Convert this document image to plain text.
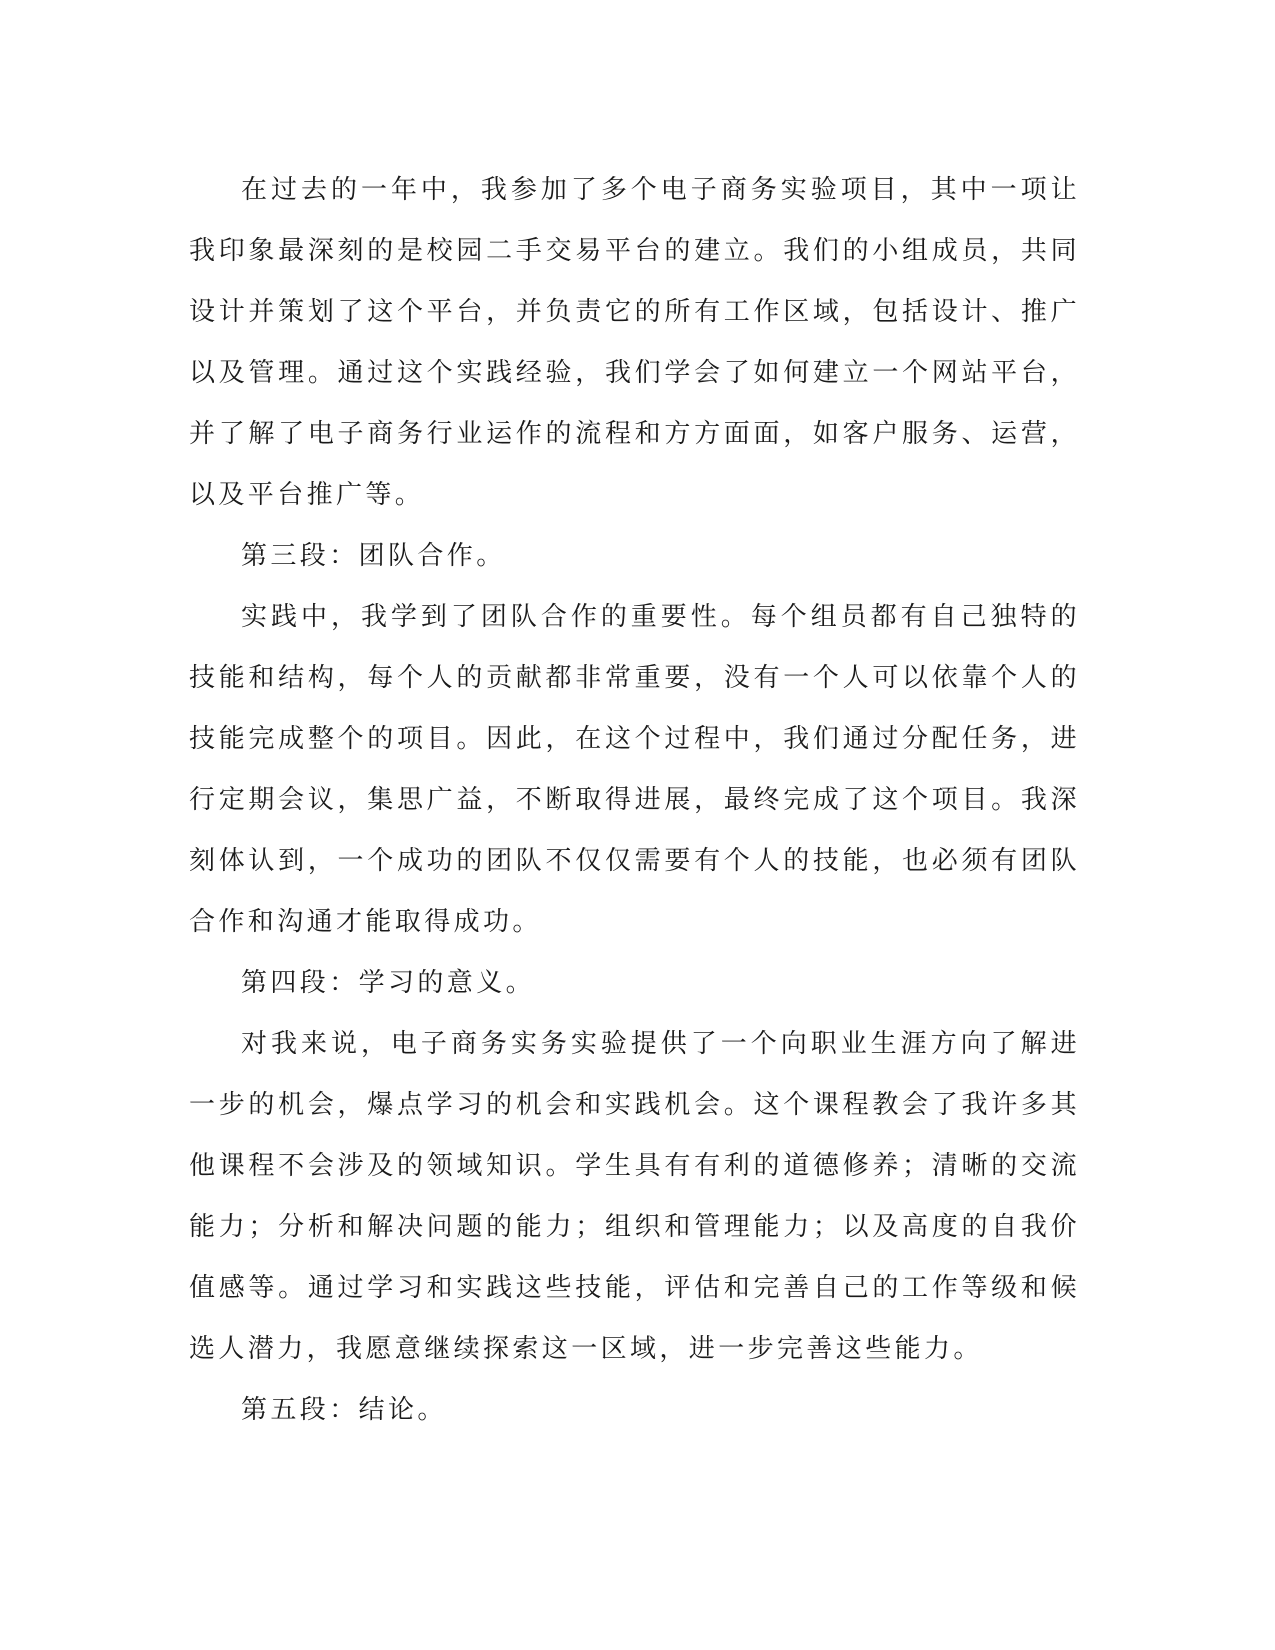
在过去的一年中，我参加了多个电子商务实验项目，其中一项让我印象最深刻的是校园二手交易平台的建立。我们的小组成员，共同设计并策划了这个平台，并负责它的所有工作区域，包括设计、推广以及管理。通过这个实践经验，我们学会了如何建立一个网站平台，并了解了电子商务行业运作的流程和方方面面，如客户服务、运营，以及平台推广等。

第三段：团队合作。

实践中，我学到了团队合作的重要性。每个组员都有自己独特的技能和结构，每个人的贡献都非常重要，没有一个人可以依靠个人的技能完成整个的项目。因此，在这个过程中，我们通过分配任务，进行定期会议，集思广益，不断取得进展，最终完成了这个项目。我深刻体认到，一个成功的团队不仅仅需要有个人的技能，也必须有团队合作和沟通才能取得成功。

第四段：学习的意义。

对我来说，电子商务实务实验提供了一个向职业生涯方向了解进一步的机会，爆点学习的机会和实践机会。这个课程教会了我许多其他课程不会涉及的领域知识。学生具有有利的道德修养；清晰的交流能力；分析和解决问题的能力；组织和管理能力；以及高度的自我价值感等。通过学习和实践这些技能，评估和完善自己的工作等级和候选人潜力，我愿意继续探索这一区域，进一步完善这些能力。

第五段：结论。
